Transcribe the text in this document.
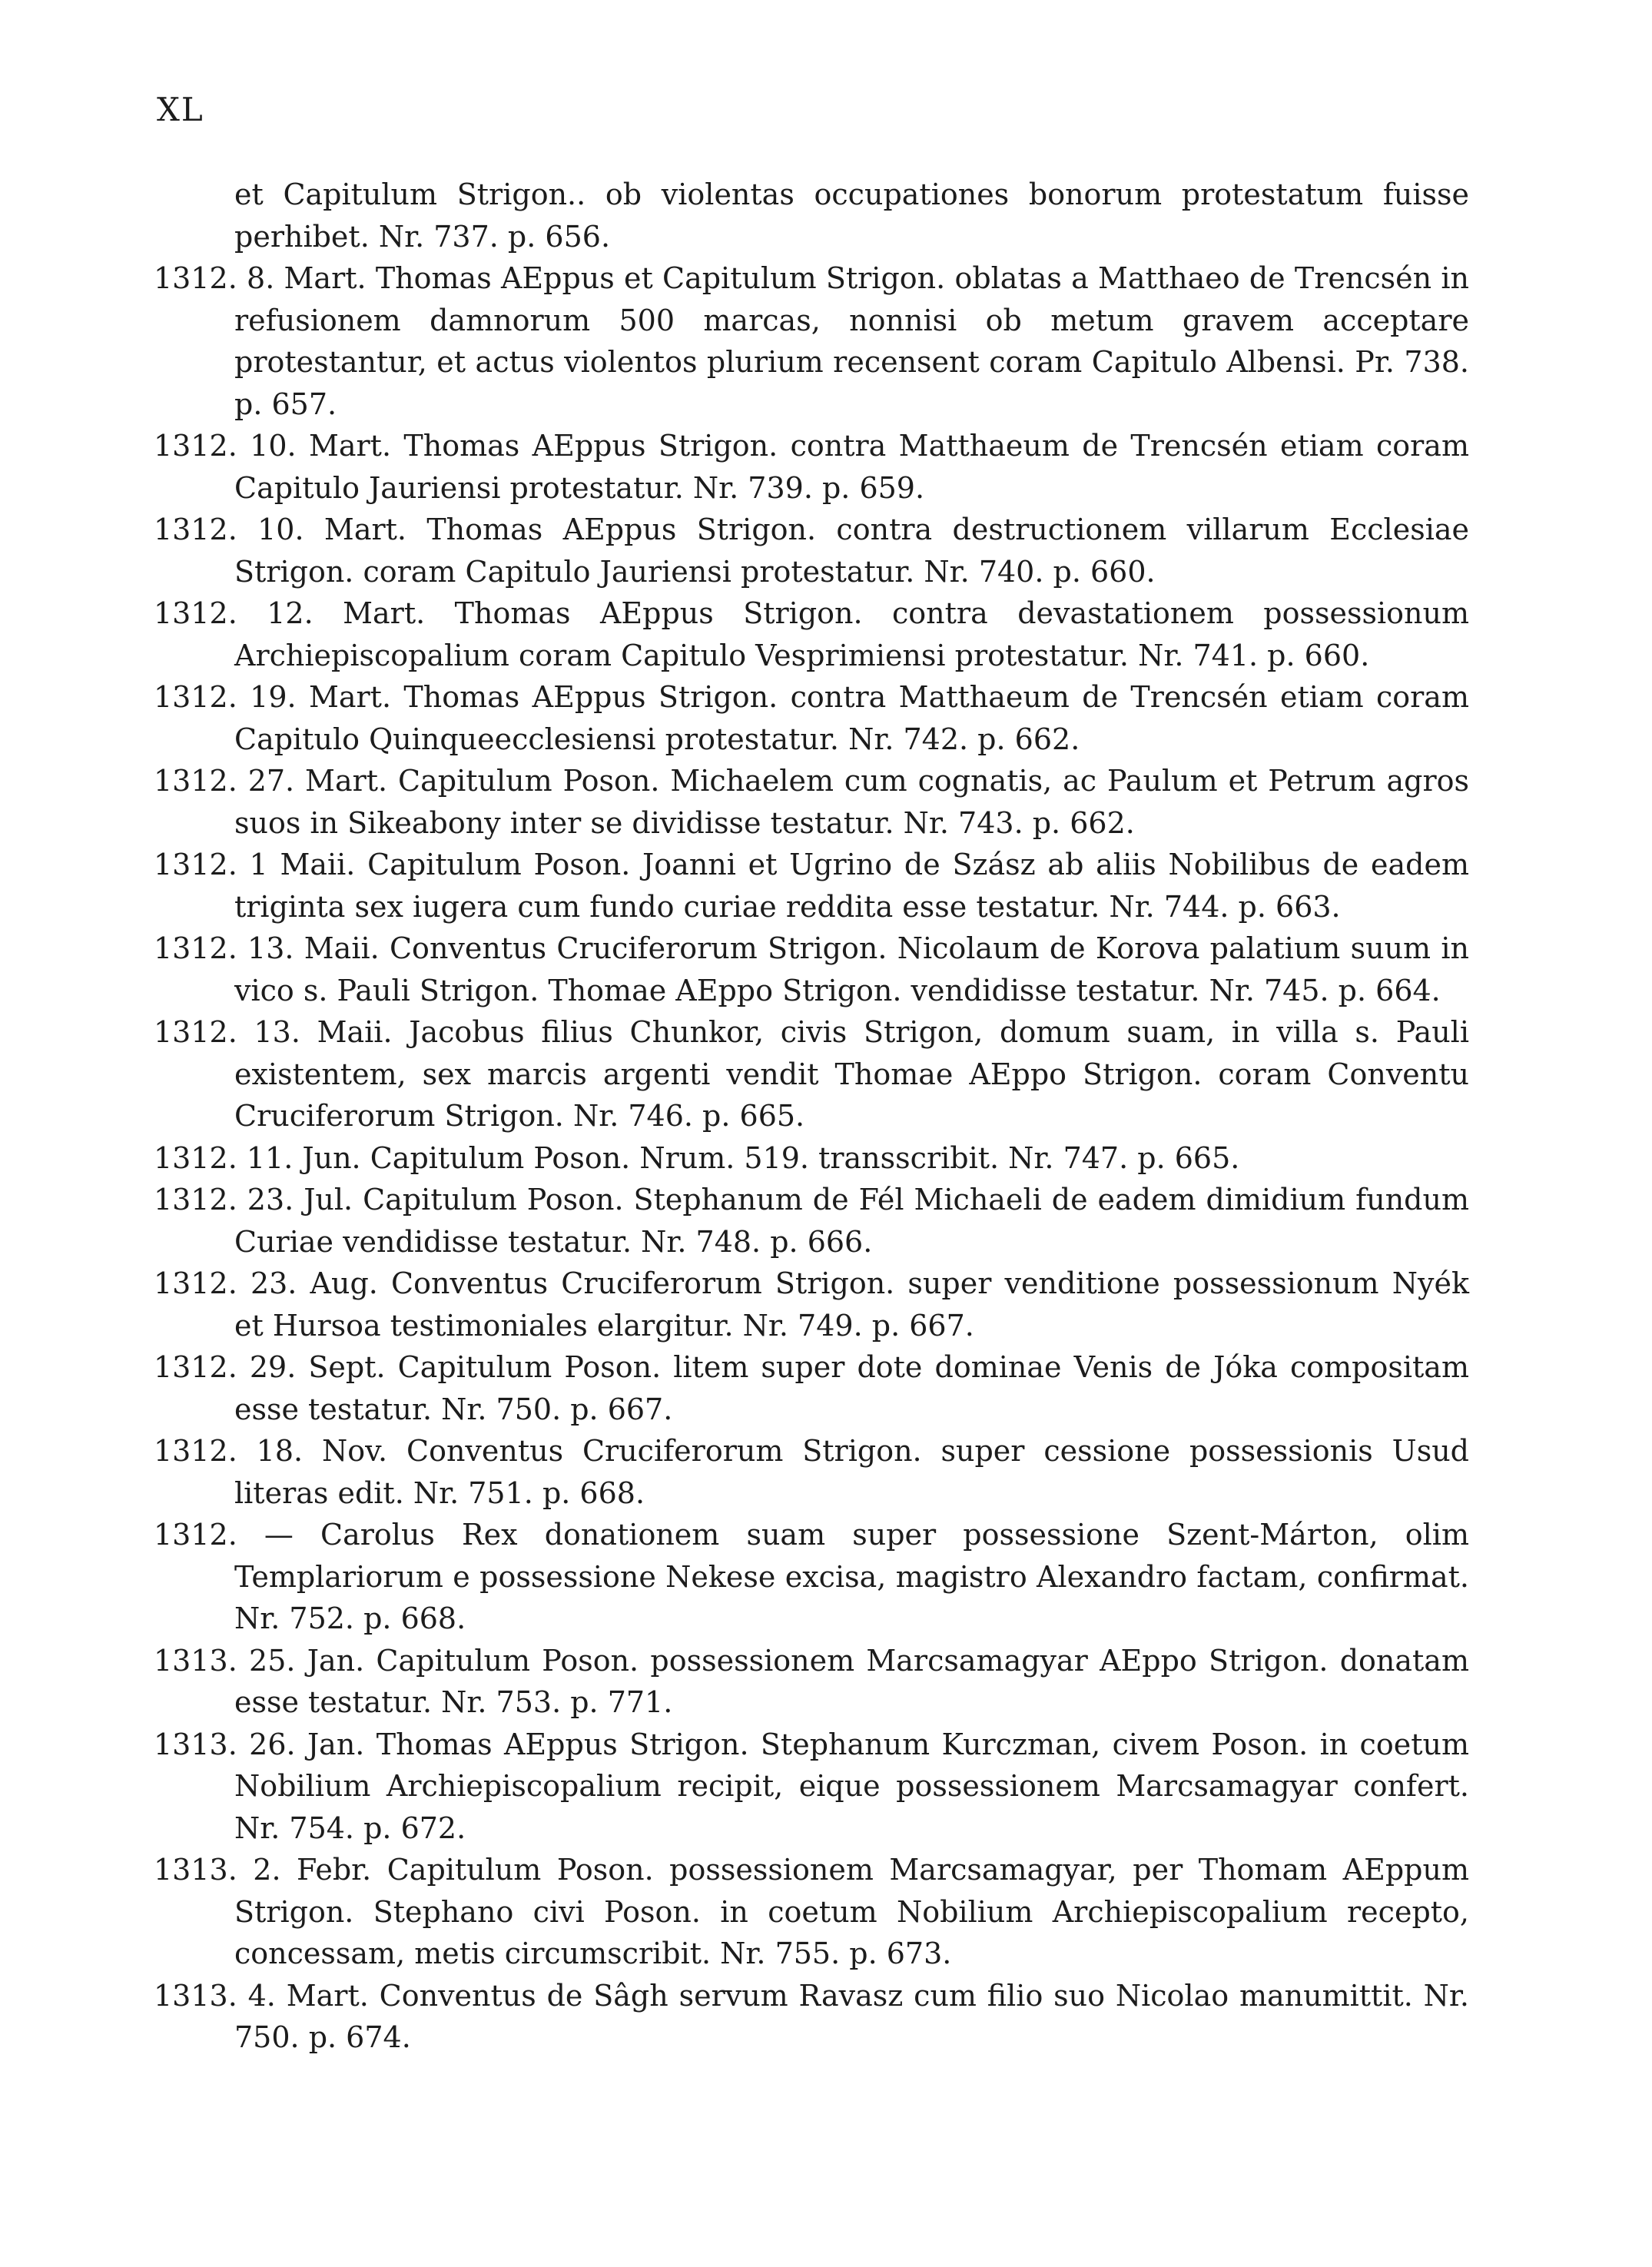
XL

et Capitulum Strigon.. ob violentas occupationes bonorum protestatum fuisse perhibet. Nr. 737. p. 656.

1312. 8. Mart. Thomas AEppus et Capitulum Strigon. oblatas a Matthaeo de Trencsén in refusionem damnorum 500 marcas, nonnisi ob metum gravem acceptare protestantur, et actus violentos plurium recensent coram Capitulo Albensi. Pr. 738. p. 657.

1312. 10. Mart. Thomas AEppus Strigon. contra Matthaeum de Trencsén etiam coram Capitulo Jauriensi protestatur. Nr. 739. p. 659.

1312. 10. Mart. Thomas AEppus Strigon. contra destructionem villarum Ecclesiae Strigon. coram Capitulo Jauriensi protestatur. Nr. 740. p. 660.

1312. 12. Mart. Thomas AEppus Strigon. contra devastationem possessionum Archiepiscopalium coram Capitulo Vesprimiensi protestatur. Nr. 741. p. 660.

1312. 19. Mart. Thomas AEppus Strigon. contra Matthaeum de Trencsén etiam coram Capitulo Quinqueecclesiensi protestatur. Nr. 742. p. 662.

1312. 27. Mart. Capitulum Poson. Michaelem cum cognatis, ac Paulum et Petrum agros suos in Sikeabony inter se dividisse testatur. Nr. 743. p. 662.

1312. 1 Maii. Capitulum Poson. Joanni et Ugrino de Szász ab aliis Nobilibus de eadem triginta sex iugera cum fundo curiae reddita esse testatur. Nr. 744. p. 663.

1312. 13. Maii. Conventus Cruciferorum Strigon. Nicolaum de Korova palatium suum in vico s. Pauli Strigon. Thomae AEppo Strigon. vendidisse testatur. Nr. 745. p. 664.

1312. 13. Maii. Jacobus filius Chunkor, civis Strigon, domum suam, in villa s. Pauli existentem, sex marcis argenti vendit Thomae AEppo Strigon. coram Conventu Cruciferorum Strigon. Nr. 746. p. 665.

1312. 11. Jun. Capitulum Poson. Nrum. 519. transscribit. Nr. 747. p. 665.

1312. 23. Jul. Capitulum Poson. Stephanum de Fél Michaeli de eadem dimidium fundum Curiae vendidisse testatur. Nr. 748. p. 666.

1312. 23. Aug. Conventus Cruciferorum Strigon. super venditione possessionum Nyék et Hursoa testimoniales elargitur. Nr. 749. p. 667.

1312. 29. Sept. Capitulum Poson. litem super dote dominae Venis de Jóka compositam esse testatur. Nr. 750. p. 667.

1312. 18. Nov. Conventus Cruciferorum Strigon. super cessione possessionis Usud literas edit. Nr. 751. p. 668.

1312. — Carolus Rex donationem suam super possessione Szent-Márton, olim Templariorum e possessione Nekese excisa, magistro Alexandro factam, confirmat. Nr. 752. p. 668.

1313. 25. Jan. Capitulum Poson. possessionem Marcsamagyar AEppo Strigon. donatam esse testatur. Nr. 753. p. 771.

1313. 26. Jan. Thomas AEppus Strigon. Stephanum Kurczman, civem Poson. in coetum Nobilium Archiepiscopalium recipit, eique possessionem Marcsamagyar confert. Nr. 754. p. 672.

1313. 2. Febr. Capitulum Poson. possessionem Marcsamagyar, per Thomam AEppum Strigon. Stephano civi Poson. in coetum Nobilium Archiepiscopalium recepto, concessam, metis circumscribit. Nr. 755. p. 673.

1313. 4. Mart. Conventus de Sâgh servum Ravasz cum filio suo Nicolao manumittit. Nr. 750. p. 674.
